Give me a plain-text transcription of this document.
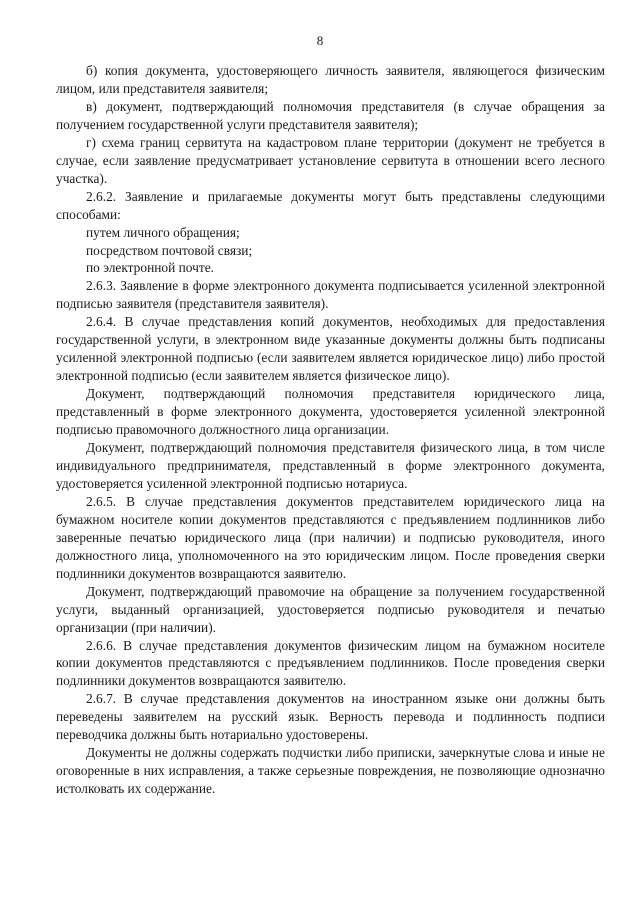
8

б) копия документа, удостоверяющего личность заявителя, являющегося физическим лицом, или представителя заявителя;

в) документ, подтверждающий полномочия представителя (в случае обращения за получением государственной услуги представителя заявителя);

г) схема границ сервитута на кадастровом плане территории (документ не требуется в случае, если заявление предусматривает установление сервитута в отношении всего лесного участка).

2.6.2. Заявление и прилагаемые документы могут быть представлены следующими способами:

путем личного обращения;

посредством почтовой связи;

по электронной почте.

2.6.3. Заявление в форме электронного документа подписывается усиленной электронной подписью заявителя (представителя заявителя).

2.6.4. В случае представления копий документов, необходимых для предоставления государственной услуги, в электронном виде указанные документы должны быть подписаны усиленной электронной подписью (если заявителем является юридическое лицо) либо простой электронной подписью (если заявителем является физическое лицо).

Документ, подтверждающий полномочия представителя юридического лица, представленный в форме электронного документа, удостоверяется усиленной электронной подписью правомочного должностного лица организации.

Документ, подтверждающий полномочия представителя физического лица, в том числе индивидуального предпринимателя, представленный в форме электронного документа, удостоверяется усиленной электронной подписью нотариуса.

2.6.5. В случае представления документов представителем юридического лица на бумажном носителе копии документов представляются с предъявлением подлинников либо заверенные печатью юридического лица (при наличии) и подписью руководителя, иного должностного лица, уполномоченного на это юридическим лицом. После проведения сверки подлинники документов возвращаются заявителю.

Документ, подтверждающий правомочие на обращение за получением государственной услуги, выданный организацией, удостоверяется подписью руководителя и печатью организации (при наличии).

2.6.6. В случае представления документов физическим лицом на бумажном носителе копии документов представляются с предъявлением подлинников. После проведения сверки подлинники документов возвращаются заявителю.

2.6.7. В случае представления документов на иностранном языке они должны быть переведены заявителем на русский язык. Верность перевода и подлинность подписи переводчика должны быть нотариально удостоверены.

Документы не должны содержать подчистки либо приписки, зачеркнутые слова и иные не оговоренные в них исправления, а также серьезные повреждения, не позволяющие однозначно истолковать их содержание.
